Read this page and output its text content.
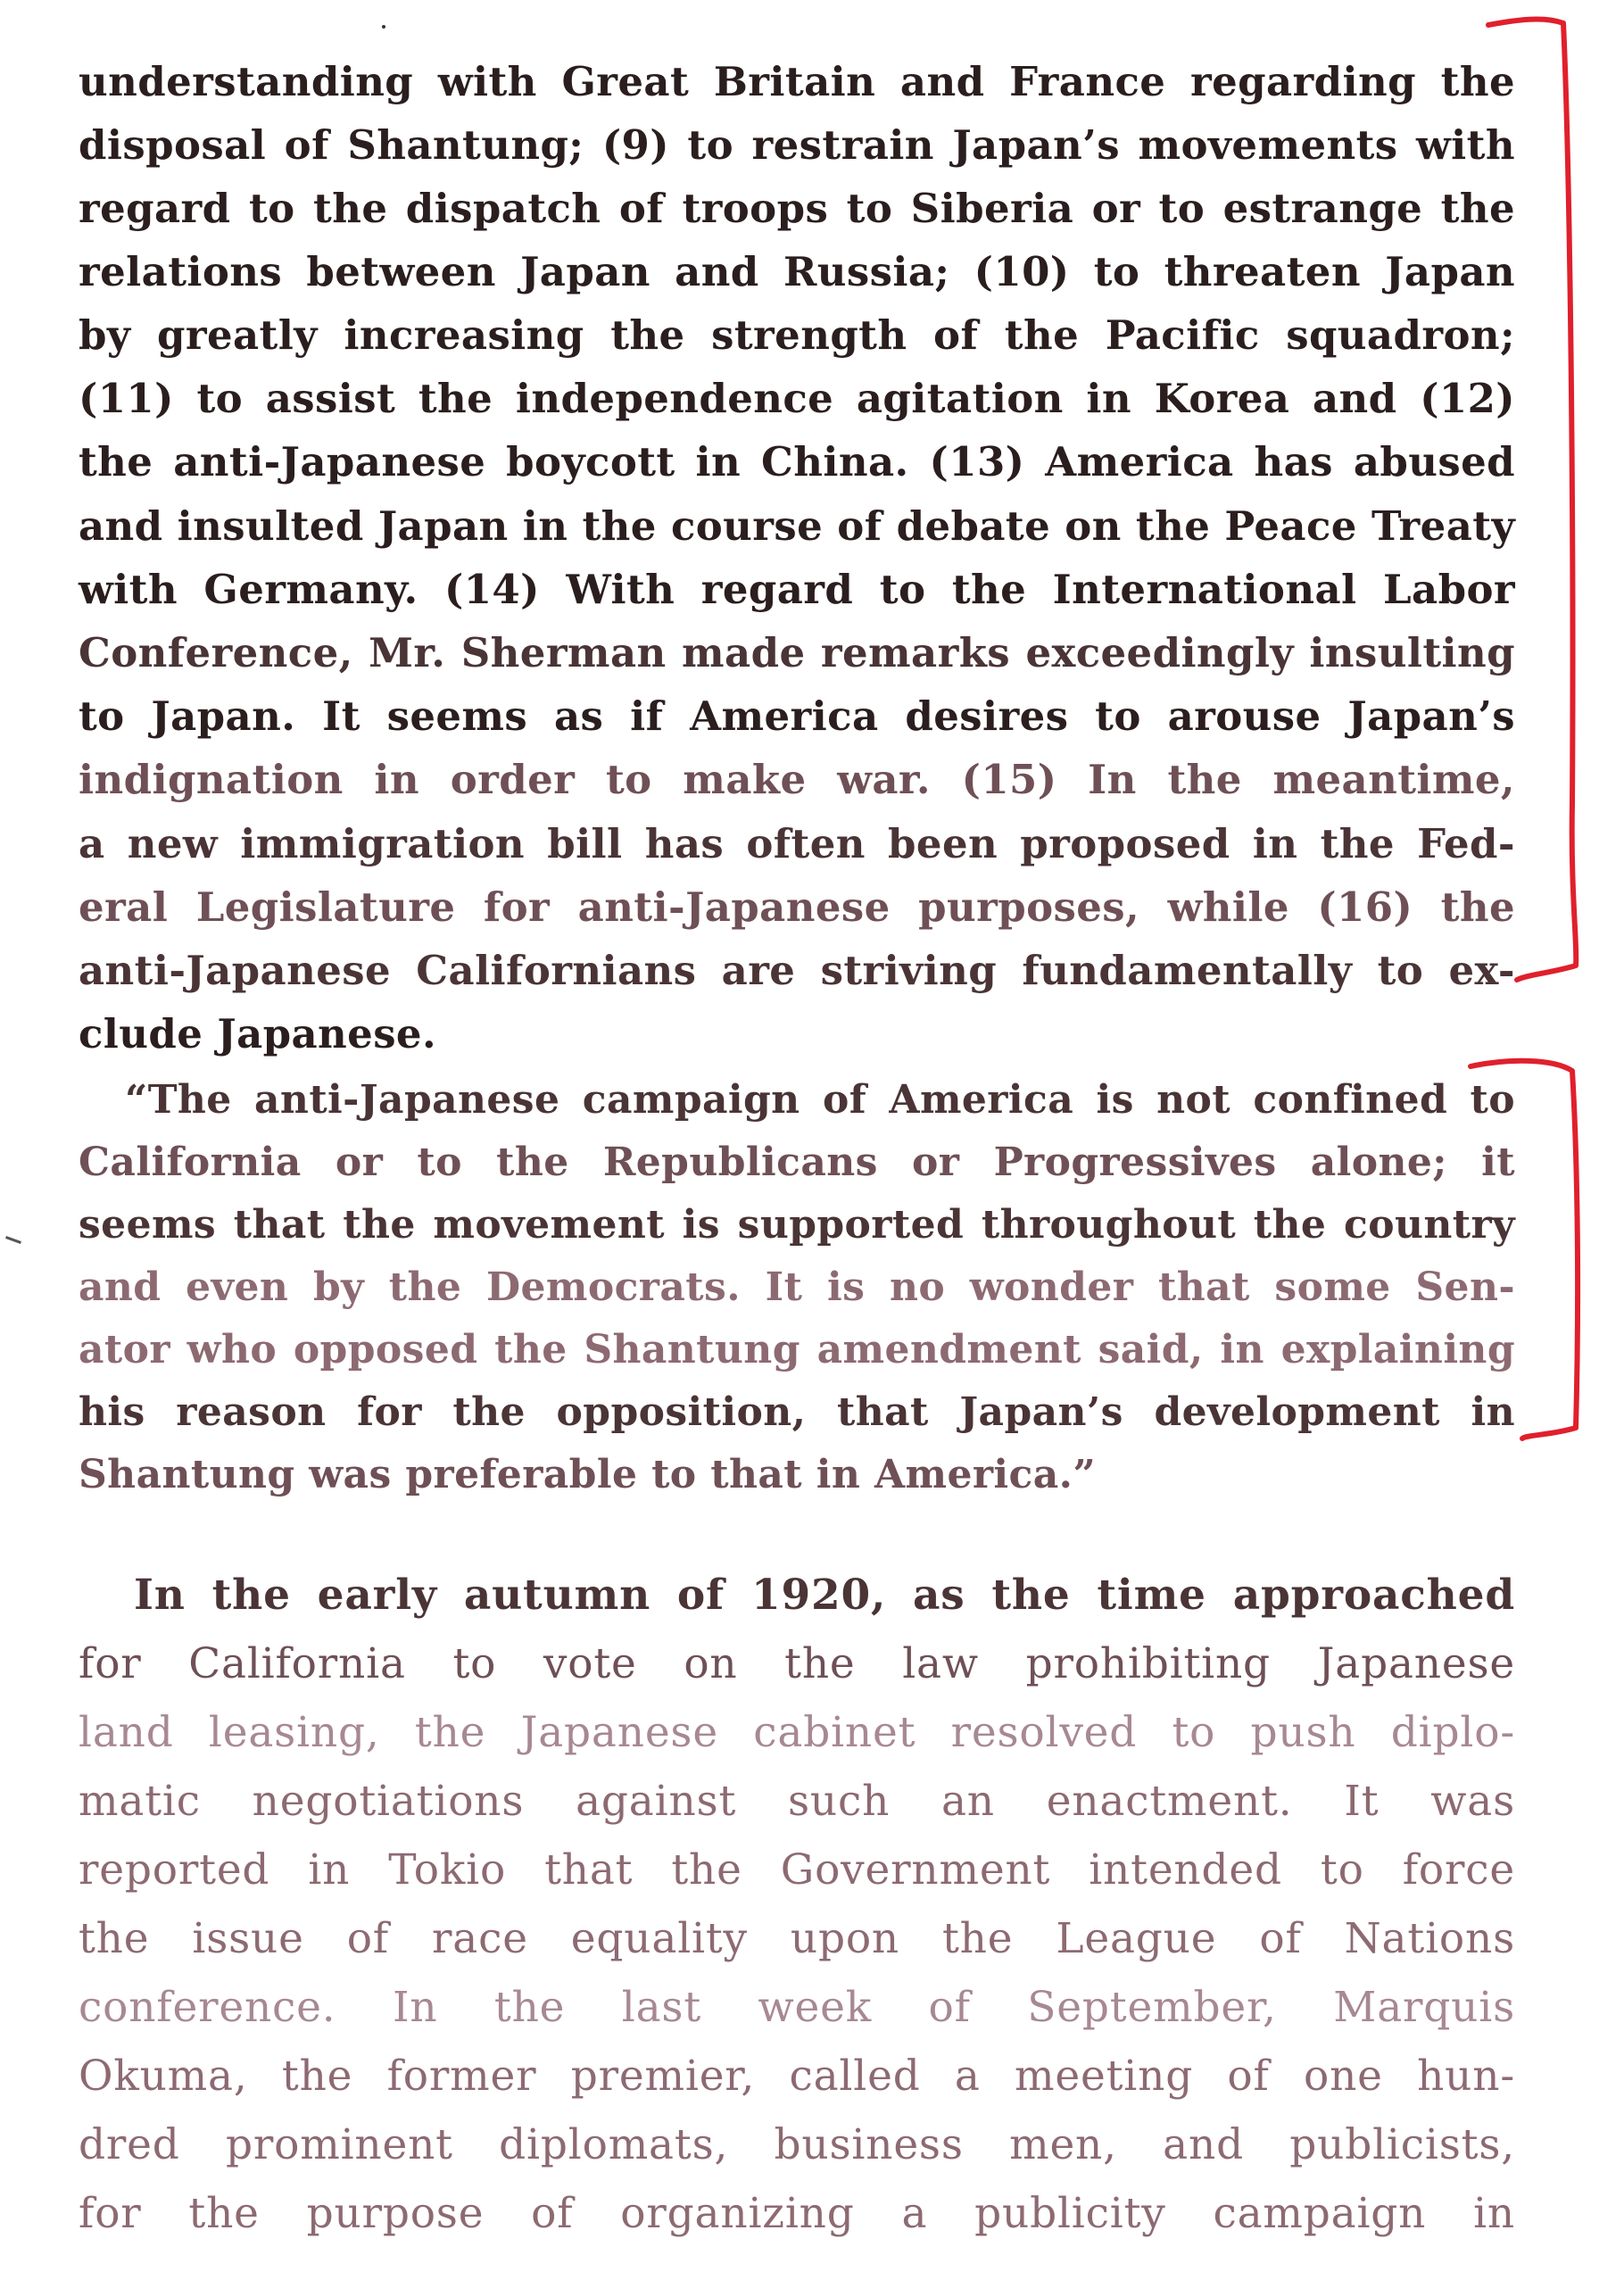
understanding with Great Britain and France regarding the
disposal of Shantung; (9) to restrain Japan’s movements with
regard to the dispatch of troops to Siberia or to estrange the
relations between Japan and Russia; (10) to threaten Japan
by greatly increasing the strength of the Pacific squadron;
(11) to assist the independence agitation in Korea and (12)
the anti-Japanese boycott in China. (13) America has abused
and insulted Japan in the course of debate on the Peace Treaty
with Germany. (14) With regard to the International Labor
Conference, Mr. Sherman made remarks exceedingly insulting
to Japan. It seems as if America desires to arouse Japan’s
indignation in order to make war. (15) In the meantime,
a new immigration bill has often been proposed in the Fed-
eral Legislature for anti-Japanese purposes, while (16) the
anti-Japanese Californians are striving fundamentally to ex-
clude Japanese.
“The anti-Japanese campaign of America is not confined to
California or to the Republicans or Progressives alone; it
seems that the movement is supported throughout the country
and even by the Democrats. It is no wonder that some Sen-
ator who opposed the Shantung amendment said, in explaining
his reason for the opposition, that Japan’s development in
Shantung was preferable to that in America.”
In the early autumn of 1920, as the time approached
for California to vote on the law prohibiting Japanese
land leasing, the Japanese cabinet resolved to push diplo-
matic negotiations against such an enactment. It was
reported in Tokio that the Government intended to force
the issue of race equality upon the League of Nations
conference. In the last week of September, Marquis
Okuma, the former premier, called a meeting of one hun-
dred prominent diplomats, business men, and publicists,
for the purpose of organizing a publicity campaign in
